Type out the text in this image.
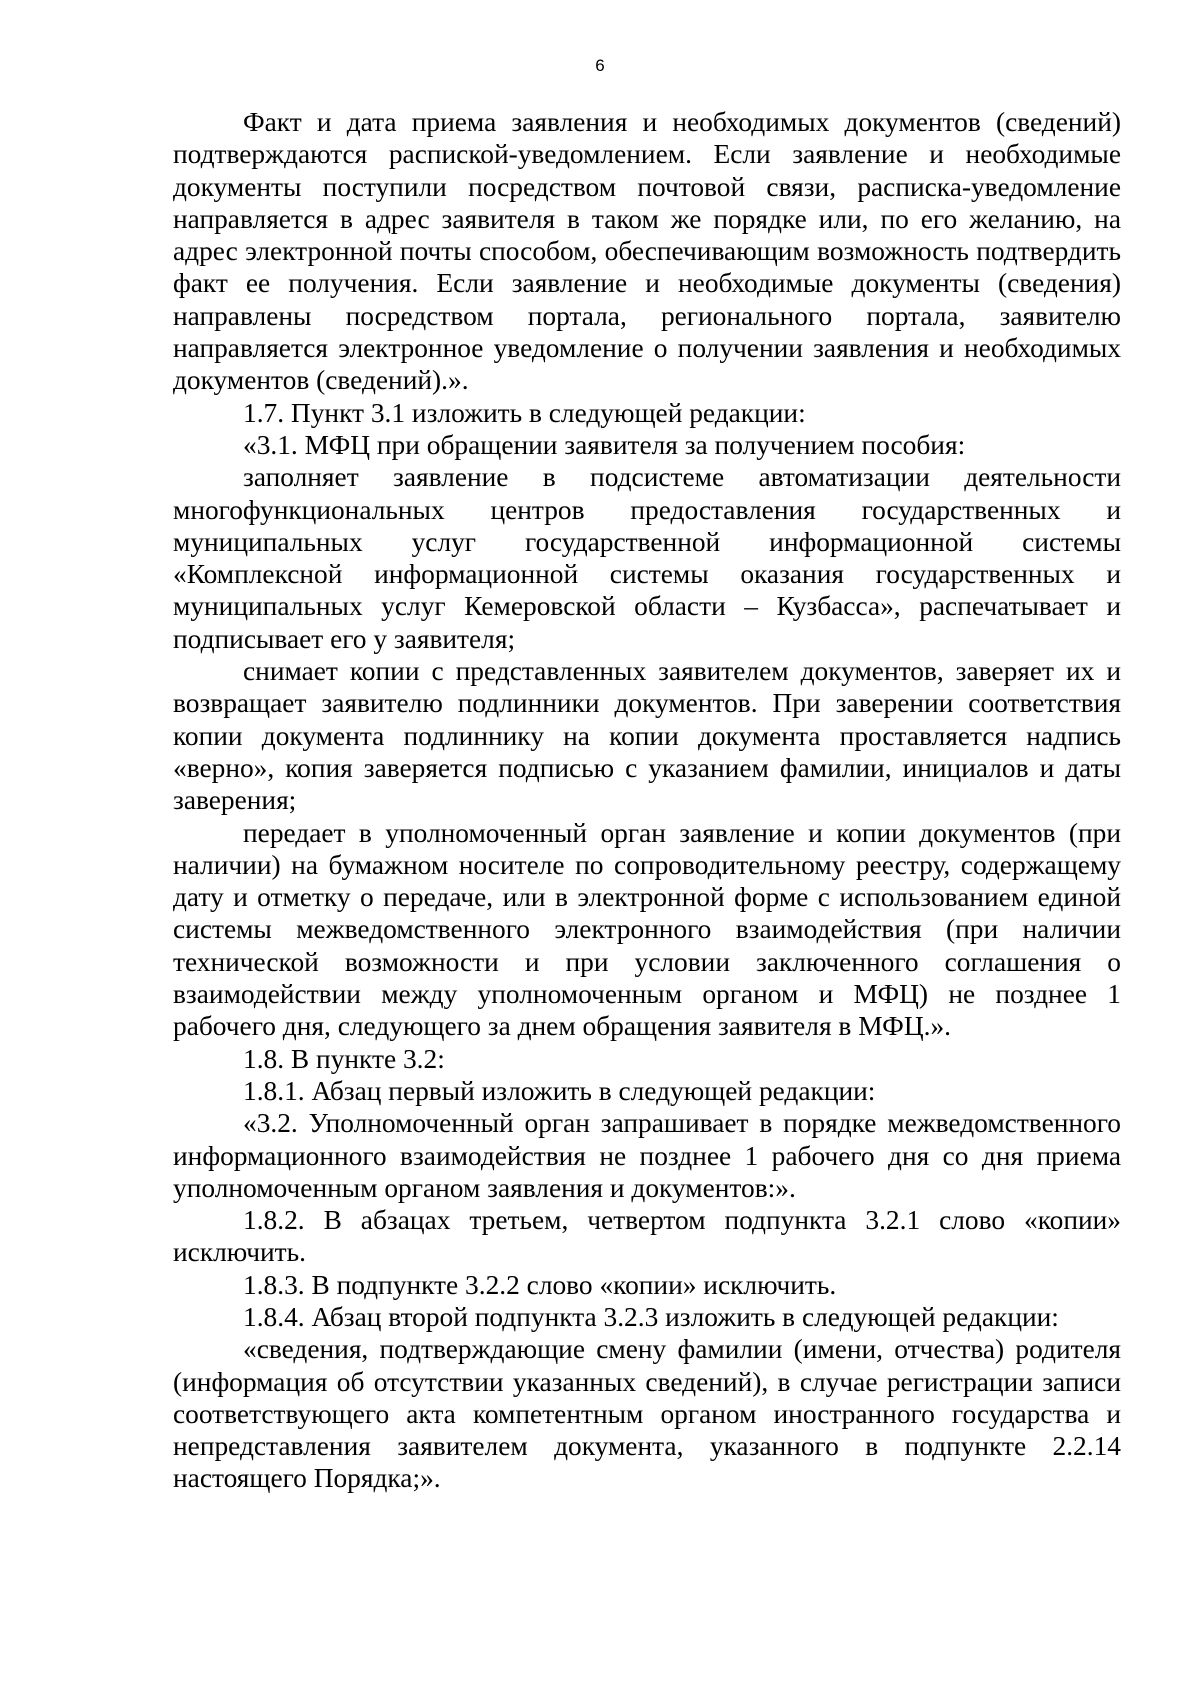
6

Факт и дата приема заявления и необходимых документов (сведений) подтверждаются распиской-уведомлением. Если заявление и необходимые документы поступили посредством почтовой связи, расписка-уведомление направляется в адрес заявителя в таком же порядке или, по его желанию, на адрес электронной почты способом, обеспечивающим возможность подтвердить факт ее получения. Если заявление и необходимые документы (сведения) направлены посредством портала, регионального портала, заявителю направляется электронное уведомление о получении заявления и необходимых документов (сведений).».

1.7. Пункт 3.1 изложить в следующей редакции:

«3.1. МФЦ при обращении заявителя за получением пособия:

заполняет заявление в подсистеме автоматизации деятельности многофункциональных центров предоставления государственных и муниципальных услуг государственной информационной системы «Комплексной информационной системы оказания государственных и муниципальных услуг Кемеровской области – Кузбасса», распечатывает и подписывает его у заявителя;

снимает копии с представленных заявителем документов, заверяет их и возвращает заявителю подлинники документов. При заверении соответствия копии документа подлиннику на копии документа проставляется надпись «верно», копия заверяется подписью с указанием фамилии, инициалов и даты заверения;

передает в уполномоченный орган заявление и копии документов (при наличии) на бумажном носителе по сопроводительному реестру, содержащему дату и отметку о передаче, или в электронной форме с использованием единой системы межведомственного электронного взаимодействия (при наличии технической возможности и при условии заключенного соглашения о взаимодействии между уполномоченным органом и МФЦ) не позднее 1 рабочего дня, следующего за днем обращения заявителя в МФЦ.».

1.8. В пункте 3.2:

1.8.1. Абзац первый изложить в следующей редакции:

«3.2. Уполномоченный орган запрашивает в порядке межведомственного информационного взаимодействия не позднее 1 рабочего дня со дня приема уполномоченным органом заявления и документов:».

1.8.2. В абзацах третьем, четвертом подпункта 3.2.1 слово «копии» исключить.

1.8.3. В подпункте 3.2.2 слово «копии» исключить.

1.8.4. Абзац второй подпункта 3.2.3 изложить в следующей редакции:

«сведения, подтверждающие смену фамилии (имени, отчества) родителя (информация об отсутствии указанных сведений), в случае регистрации записи соответствующего акта компетентным органом иностранного государства и непредставления заявителем документа, указанного в подпункте 2.2.14 настоящего Порядка;».
